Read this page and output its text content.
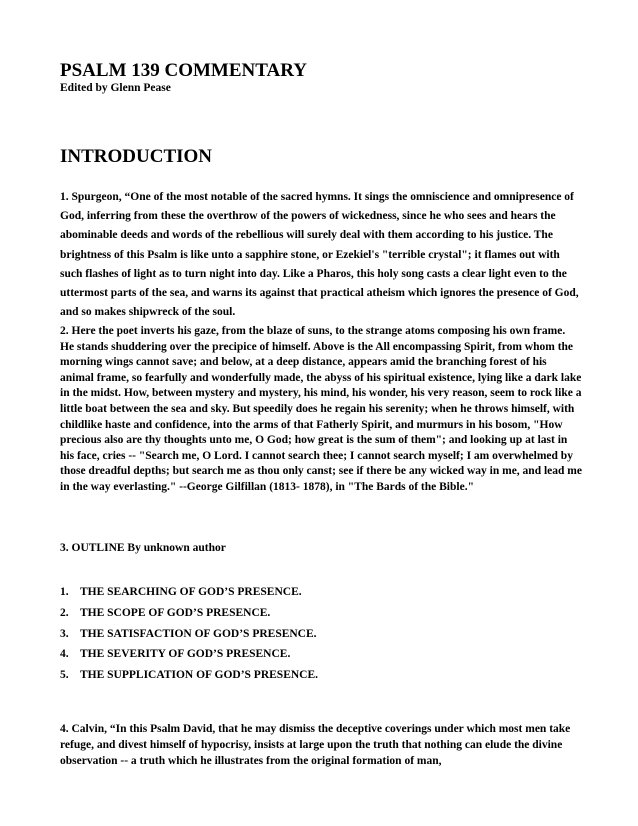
PSALM 139 COMMENTARY
Edited by Glenn Pease
INTRODUCTION

1. Spurgeon, “One of the most notable of the sacred hymns. It sings the omniscience and omnipresence of God, inferring from these the overthrow of the powers of wickedness, since he who sees and hears the abominable deeds and words of the rebellious will surely deal with them according to his justice. The brightness of this Psalm is like unto a sapphire stone, or Ezekiel's "terrible crystal"; it flames out with such flashes of light as to turn night into day. Like a Pharos, this holy song casts a clear light even to the uttermost parts of the sea, and warns its against that practical atheism which ignores the presence of God, and so makes shipwreck of the soul.

2. Here the poet inverts his gaze, from the blaze of suns, to the strange atoms composing his own frame. He stands shuddering over the precipice of himself. Above is the All encompassing Spirit, from whom the morning wings cannot save; and below, at a deep distance, appears amid the branching forest of his animal frame, so fearfully and wonderfully made, the abyss of his spiritual existence, lying like a dark lake in the midst. How, between mystery and mystery, his mind, his wonder, his very reason, seem to rock like a little boat between the sea and sky. But speedily does he regain his serenity; when he throws himself, with childlike haste and confidence, into the arms of that Fatherly Spirit, and murmurs in his bosom, "How precious also are thy thoughts unto me, O God; how great is the sum of them"; and looking up at last in his face, cries -- "Search me, O Lord. I cannot search thee; I cannot search myself; I am overwhelmed by those dreadful depths; but search me as thou only canst; see if there be any wicked way in me, and lead me in the way everlasting." --George Gilfillan (1813- 1878), in "The Bards of the Bible."

3. OUTLINE By unknown author

1. THE SEARCHING OF GOD’S PRESENCE.
2. THE SCOPE OF GOD’S PRESENCE.
3. THE SATISFACTION OF GOD’S PRESENCE.
4. THE SEVERITY OF GOD’S PRESENCE.
5. THE SUPPLICATION OF GOD’S PRESENCE.

4. Calvin, “In this Psalm David, that he may dismiss the deceptive coverings under which most men take refuge, and divest himself of hypocrisy, insists at large upon the truth that nothing can elude the divine observation -- a truth which he illustrates from the original formation of man,
